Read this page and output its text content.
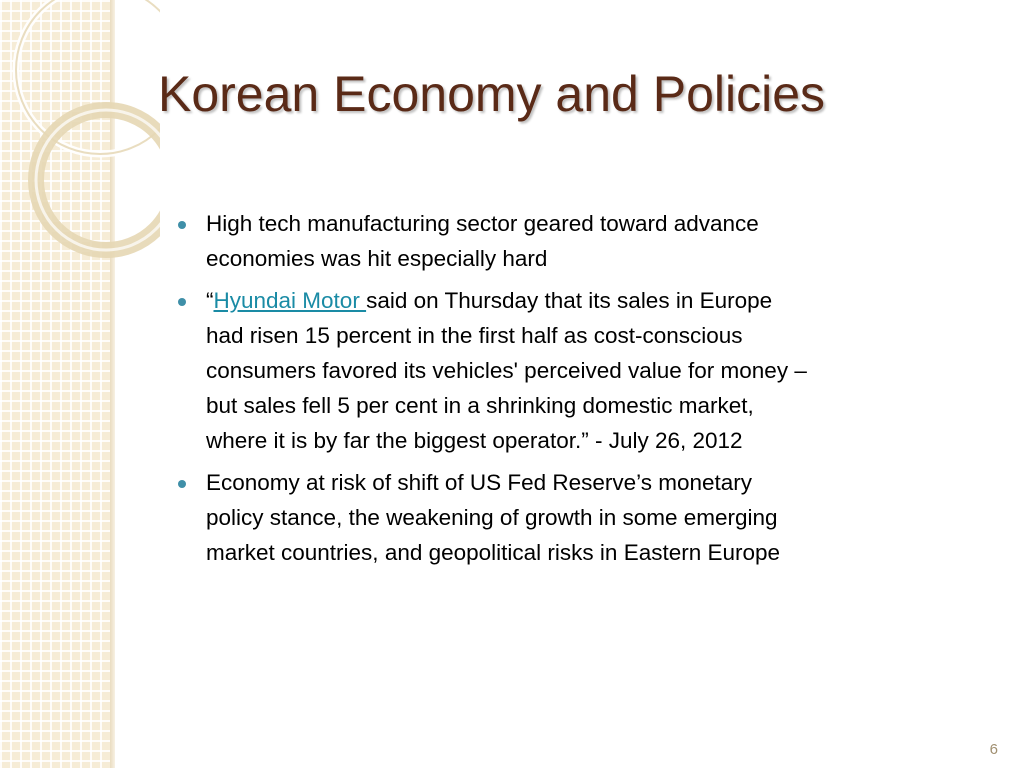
Korean Economy and Policies
High tech manufacturing sector geared toward advance
economies was hit especially hard
“Hyundai Motor said on Thursday that its sales in Europe
had risen 15 percent in the first half as cost-conscious
consumers favored its vehicles' perceived value for money –
but sales fell 5 per cent in a shrinking domestic market,
where it is by far the biggest operator.” - July 26, 2012
Economy at risk of shift of US Fed Reserve’s monetary
policy stance, the weakening of growth in some emerging
market countries, and geopolitical risks in Eastern Europe
6
